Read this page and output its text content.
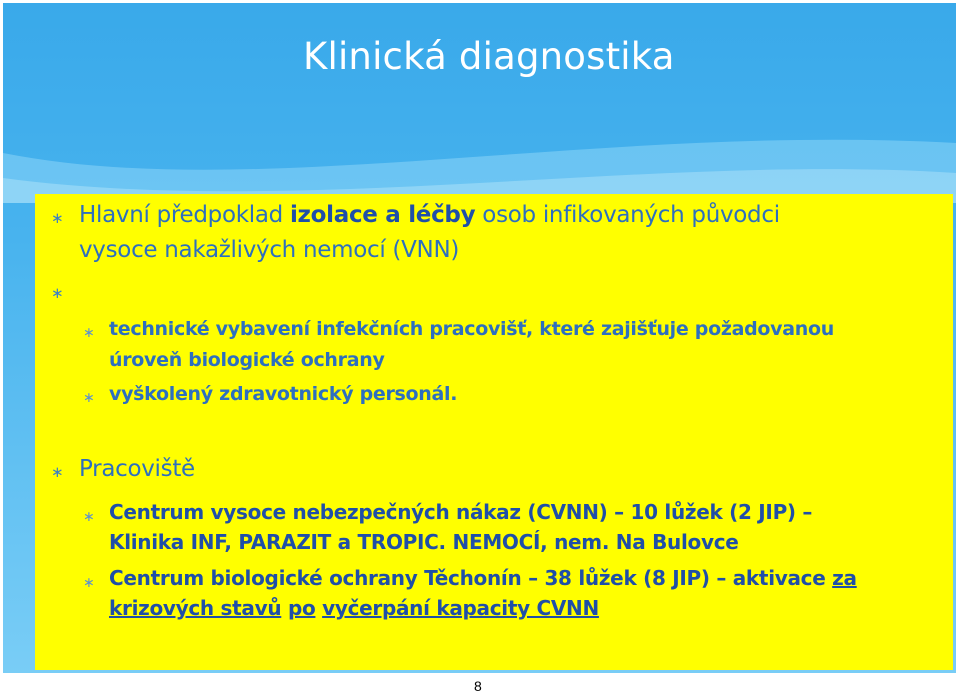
Klinická diagnostika
∗ Hlavní předpoklad izolace a léčby osob infikovaných původci
vysoce nakažlivých nemocí (VNN)
∗
∗ technické vybavení infekčních pracovišť, které zajišťuje požadovanou
úroveň biologické ochrany
∗ vyškolený zdravotnický personál.
∗ Pracoviště
∗ Centrum vysoce nebezpečných nákaz (CVNN) – 10 lůžek (2 JIP) –
Klinika INF, PARAZIT a TROPIC. NEMOCÍ, nem. Na Bulovce
∗ Centrum biologické ochrany Těchonín – 38 lůžek (8 JIP) – aktivace za
krizových stavů po vyčerpání kapacity CVNN
8
